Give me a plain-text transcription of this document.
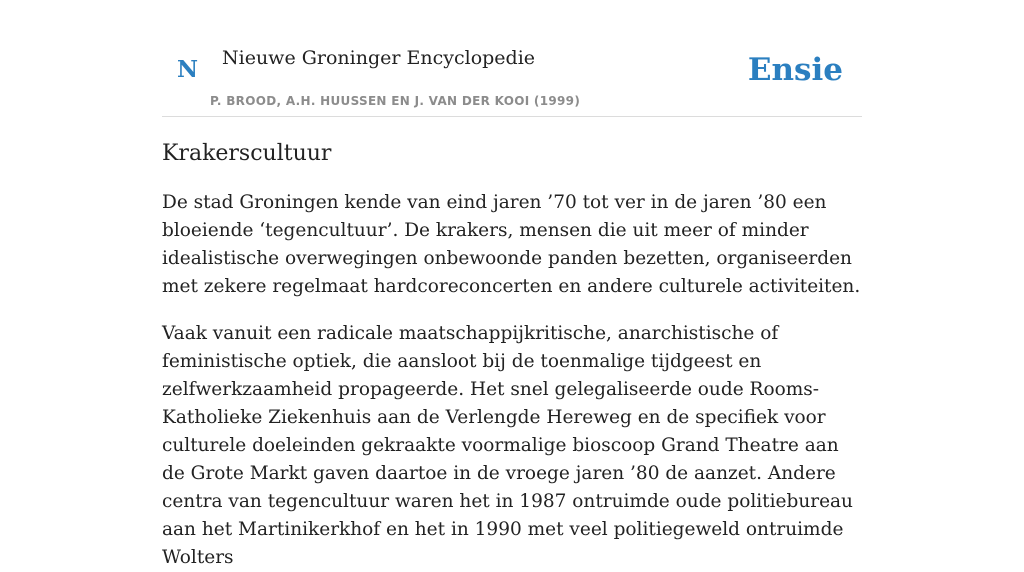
N Nieuwe Groninger Encyclopedie
P. BROOD, A.H. HUUSSEN EN J. VAN DER KOOI (1999)
Ensie
Krakerscultuur

De stad Groningen kende van eind jaren ’70 tot ver in de jaren ’80 een bloeiende ‘tegencultuur’. De krakers, mensen die uit meer of minder idealistische overwegingen onbewoonde panden bezetten, organiseerden met zekere regelmaat hardcoreconcerten en andere culturele activiteiten.

Vaak vanuit een radicale maatschappijkritische, anarchistische of feministische optiek, die aansloot bij de toenmalige tijdgeest en zelfwerkzaamheid propageerde. Het snel gelegaliseerde oude Rooms-Katholieke Ziekenhuis aan de Verlengde Hereweg en de specifiek voor culturele doeleinden gekraakte voormalige bioscoop Grand Theatre aan de Grote Markt gaven daartoe in de vroege jaren ’80 de aanzet. Andere centra van tegencultuur waren het in 1987 ontruimde oude politiebureau aan het Martinikerkhof en het in 1990 met veel politiegeweld ontruimde Wolters
